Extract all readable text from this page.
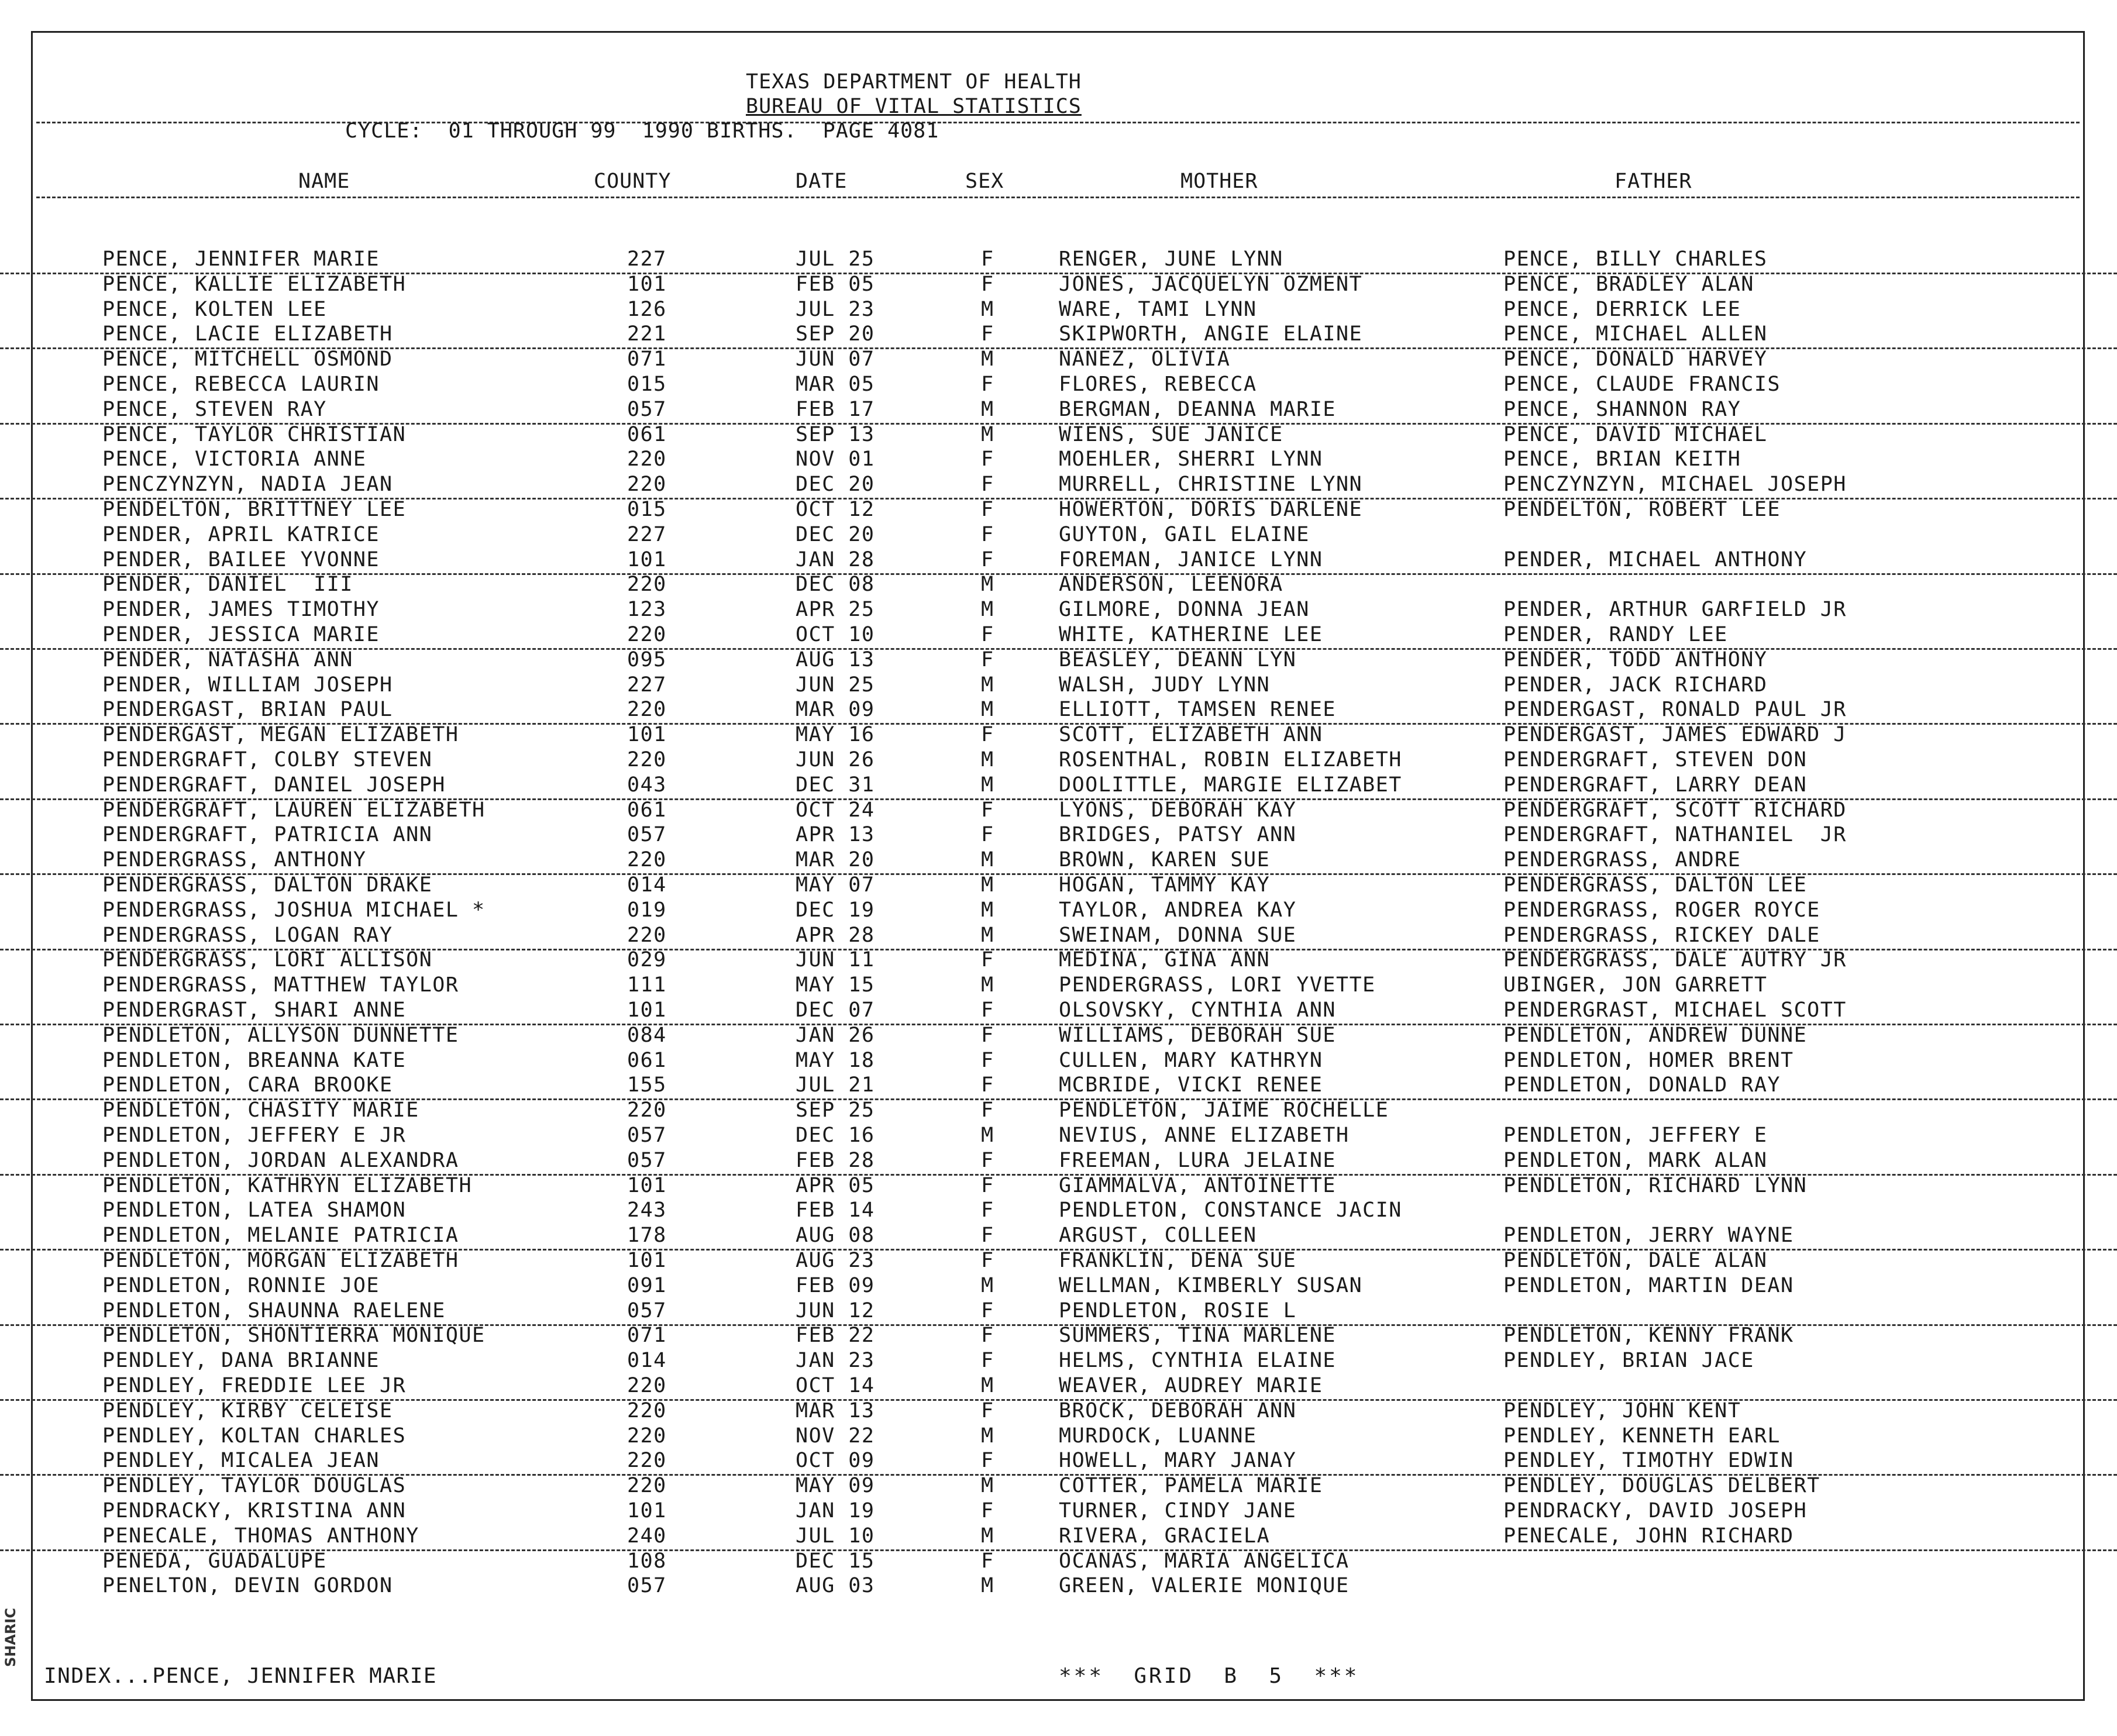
SHARIC
TEXAS DEPARTMENT OF HEALTH
BUREAU OF VITAL STATISTICS
CYCLE:  01 THROUGH 99  1990 BIRTHS.  PAGE 4081
NAME	COUNTY	DATE	SEX	MOTHER	FATHER
PENCE, JENNIFER MARIE	227	JUL 25	F	RENGER, JUNE LYNN	PENCE, BILLY CHARLES
PENCE, KALLIE ELIZABETH	101	FEB 05	F	JONES, JACQUELYN OZMENT	PENCE, BRADLEY ALAN
PENCE, KOLTEN LEE	126	JUL 23	M	WARE, TAMI LYNN	PENCE, DERRICK LEE
PENCE, LACIE ELIZABETH	221	SEP 20	F	SKIPWORTH, ANGIE ELAINE	PENCE, MICHAEL ALLEN
PENCE, MITCHELL OSMOND	071	JUN 07	M	NANEZ, OLIVIA	PENCE, DONALD HARVEY
PENCE, REBECCA LAURIN	015	MAR 05	F	FLORES, REBECCA	PENCE, CLAUDE FRANCIS
PENCE, STEVEN RAY	057	FEB 17	M	BERGMAN, DEANNA MARIE	PENCE, SHANNON RAY
PENCE, TAYLOR CHRISTIAN	061	SEP 13	M	WIENS, SUE JANICE	PENCE, DAVID MICHAEL
PENCE, VICTORIA ANNE	220	NOV 01	F	MOEHLER, SHERRI LYNN	PENCE, BRIAN KEITH
PENCZYNZYN, NADIA JEAN	220	DEC 20	F	MURRELL, CHRISTINE LYNN	PENCZYNZYN, MICHAEL JOSEPH
PENDELTON, BRITTNEY LEE	015	OCT 12	F	HOWERTON, DORIS DARLENE	PENDELTON, ROBERT LEE
PENDER, APRIL KATRICE	227	DEC 20	F	GUYTON, GAIL ELAINE
PENDER, BAILEE YVONNE	101	JAN 28	F	FOREMAN, JANICE LYNN	PENDER, MICHAEL ANTHONY
PENDER, DANIEL  III	220	DEC 08	M	ANDERSON, LEENORA
PENDER, JAMES TIMOTHY	123	APR 25	M	GILMORE, DONNA JEAN	PENDER, ARTHUR GARFIELD JR
PENDER, JESSICA MARIE	220	OCT 10	F	WHITE, KATHERINE LEE	PENDER, RANDY LEE
PENDER, NATASHA ANN	095	AUG 13	F	BEASLEY, DEANN LYN	PENDER, TODD ANTHONY
PENDER, WILLIAM JOSEPH	227	JUN 25	M	WALSH, JUDY LYNN	PENDER, JACK RICHARD
PENDERGAST, BRIAN PAUL	220	MAR 09	M	ELLIOTT, TAMSEN RENEE	PENDERGAST, RONALD PAUL JR
PENDERGAST, MEGAN ELIZABETH	101	MAY 16	F	SCOTT, ELIZABETH ANN	PENDERGAST, JAMES EDWARD J
PENDERGRAFT, COLBY STEVEN	220	JUN 26	M	ROSENTHAL, ROBIN ELIZABETH	PENDERGRAFT, STEVEN DON
PENDERGRAFT, DANIEL JOSEPH	043	DEC 31	M	DOOLITTLE, MARGIE ELIZABET	PENDERGRAFT, LARRY DEAN
PENDERGRAFT, LAUREN ELIZABETH	061	OCT 24	F	LYONS, DEBORAH KAY	PENDERGRAFT, SCOTT RICHARD
PENDERGRAFT, PATRICIA ANN	057	APR 13	F	BRIDGES, PATSY ANN	PENDERGRAFT, NATHANIEL  JR
PENDERGRASS, ANTHONY	220	MAR 20	M	BROWN, KAREN SUE	PENDERGRASS, ANDRE
PENDERGRASS, DALTON DRAKE	014	MAY 07	M	HOGAN, TAMMY KAY	PENDERGRASS, DALTON LEE
PENDERGRASS, JOSHUA MICHAEL *	019	DEC 19	M	TAYLOR, ANDREA KAY	PENDERGRASS, ROGER ROYCE
PENDERGRASS, LOGAN RAY	220	APR 28	M	SWEINAM, DONNA SUE	PENDERGRASS, RICKEY DALE
PENDERGRASS, LORI ALLISON	029	JUN 11	F	MEDINA, GINA ANN	PENDERGRASS, DALE AUTRY JR
PENDERGRASS, MATTHEW TAYLOR	111	MAY 15	M	PENDERGRASS, LORI YVETTE	UBINGER, JON GARRETT
PENDERGRAST, SHARI ANNE	101	DEC 07	F	OLSOVSKY, CYNTHIA ANN	PENDERGRAST, MICHAEL SCOTT
PENDLETON, ALLYSON DUNNETTE	084	JAN 26	F	WILLIAMS, DEBORAH SUE	PENDLETON, ANDREW DUNNE
PENDLETON, BREANNA KATE	061	MAY 18	F	CULLEN, MARY KATHRYN	PENDLETON, HOMER BRENT
PENDLETON, CARA BROOKE	155	JUL 21	F	MCBRIDE, VICKI RENEE	PENDLETON, DONALD RAY
PENDLETON, CHASITY MARIE	220	SEP 25	F	PENDLETON, JAIME ROCHELLE
PENDLETON, JEFFERY E JR	057	DEC 16	M	NEVIUS, ANNE ELIZABETH	PENDLETON, JEFFERY E
PENDLETON, JORDAN ALEXANDRA	057	FEB 28	F	FREEMAN, LURA JELAINE	PENDLETON, MARK ALAN
PENDLETON, KATHRYN ELIZABETH	101	APR 05	F	GIAMMALVA, ANTOINETTE	PENDLETON, RICHARD LYNN
PENDLETON, LATEA SHAMON	243	FEB 14	F	PENDLETON, CONSTANCE JACIN
PENDLETON, MELANIE PATRICIA	178	AUG 08	F	ARGUST, COLLEEN	PENDLETON, JERRY WAYNE
PENDLETON, MORGAN ELIZABETH	101	AUG 23	F	FRANKLIN, DENA SUE	PENDLETON, DALE ALAN
PENDLETON, RONNIE JOE	091	FEB 09	M	WELLMAN, KIMBERLY SUSAN	PENDLETON, MARTIN DEAN
PENDLETON, SHAUNNA RAELENE	057	JUN 12	F	PENDLETON, ROSIE L
PENDLETON, SHONTIERRA MONIQUE	071	FEB 22	F	SUMMERS, TINA MARLENE	PENDLETON, KENNY FRANK
PENDLEY, DANA BRIANNE	014	JAN 23	F	HELMS, CYNTHIA ELAINE	PENDLEY, BRIAN JACE
PENDLEY, FREDDIE LEE JR	220	OCT 14	M	WEAVER, AUDREY MARIE
PENDLEY, KIRBY CELEISE	220	MAR 13	F	BROCK, DEBORAH ANN	PENDLEY, JOHN KENT
PENDLEY, KOLTAN CHARLES	220	NOV 22	M	MURDOCK, LUANNE	PENDLEY, KENNETH EARL
PENDLEY, MICALEA JEAN	220	OCT 09	F	HOWELL, MARY JANAY	PENDLEY, TIMOTHY EDWIN
PENDLEY, TAYLOR DOUGLAS	220	MAY 09	M	COTTER, PAMELA MARIE	PENDLEY, DOUGLAS DELBERT
PENDRACKY, KRISTINA ANN	101	JAN 19	F	TURNER, CINDY JANE	PENDRACKY, DAVID JOSEPH
PENECALE, THOMAS ANTHONY	240	JUL 10	M	RIVERA, GRACIELA	PENECALE, JOHN RICHARD
PENEDA, GUADALUPE	108	DEC 15	F	OCANAS, MARIA ANGELICA
PENELTON, DEVIN GORDON	057	AUG 03	M	GREEN, VALERIE MONIQUE
INDEX...PENCE, JENNIFER MARIE	***  GRID  B  5  ***
